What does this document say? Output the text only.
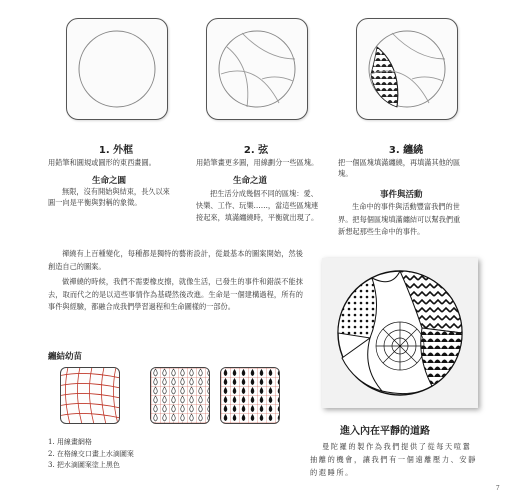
1. 外框	2. 弦	3. 纏繞
用鉛筆和圓規或圓形的東西畫圓。	用鉛筆畫更多圓，用線劃分一些區塊。	把一個區塊填滿纏繞，再填滿其他的區塊。
生命之圓
無限，沒有開始與結束，長久以來圓一向是平衡與對稱的象徵。
生命之道
把生活分成幾個不同的區塊：愛、快樂、工作、玩樂……，當這些區塊連接起來，填滿纏繞時，平衡就出現了。
事件與活動
生命中的事件與活動豐富我們的世界。把每個區塊填滿纏結可以幫我們重新想起那些生命中的事件。
禪繞有上百種變化，每種都是獨特的藝術設計，從最基本的圖案開始，然後創造自己的圖案。
做禪繞的時候，我們不需要橡皮擦，就像生活，已發生的事件和錯誤不能抹去，取而代之的是以這些事情作為基礎然後改進。生命是一個建構過程，所有的事件與經驗，都融合成我們學習過程和生命圖樣的一部份。
纏結幼苗
1. 用線畫網格
2. 在格線交口畫上水滴圖案
3. 把水滴圖案塗上黑色
進入內在平靜的道路
曼陀羅的製作為我們提供了從每天喧囂抽離的機會，讓我們有一個遠離壓力、安靜的遐睡所。
7
